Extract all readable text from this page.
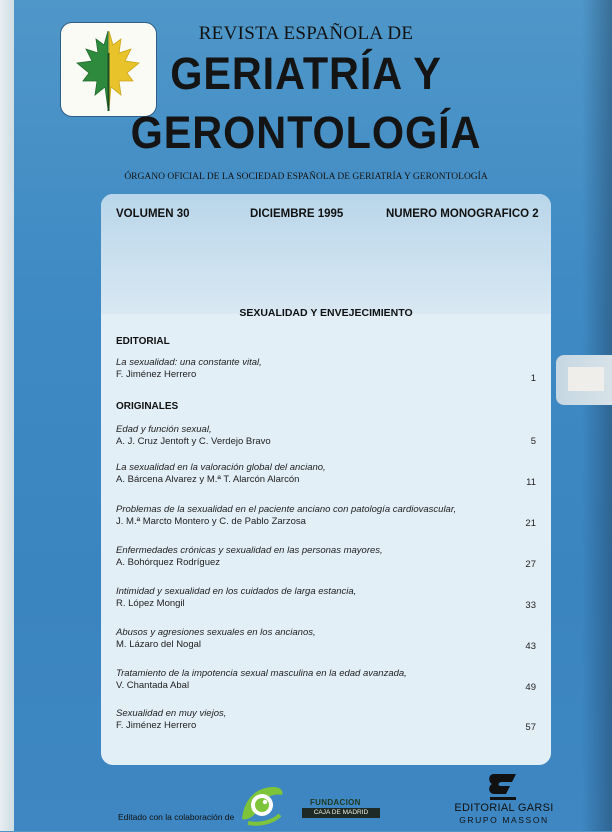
REVISTA ESPAÑOLA DE
GERIATRÍA Y
GERONTOLOGÍA
ÓRGANO OFICIAL DE LA SOCIEDAD ESPAÑOLA DE GERIATRÍA Y GERONTOLOGÍA
VOLUMEN 30	DICIEMBRE 1995	NUMERO MONOGRAFICO 2
SEXUALIDAD Y ENVEJECIMIENTO
EDITORIAL
La sexualidad: una constante vital,
F. Jiménez Herrero	1
ORIGINALES
Edad y función sexual,
A. J. Cruz Jentoft y C. Verdejo Bravo	5
La sexualidad en la valoración global del anciano,
A. Bárcena Alvarez y M.ª T. Alarcón Alarcón	11
Problemas de la sexualidad en el paciente anciano con patología cardiovascular,
J. M.ª Marcto Montero y C. de Pablo Zarzosa	21
Enfermedades crónicas y sexualidad en las personas mayores,
A. Bohórquez Rodríguez	27
Intimidad y sexualidad en los cuidados de larga estancia,
R. López Mongil	33
Abusos y agresiones sexuales en los ancianos,
M. Lázaro del Nogal	43
Tratamiento de la impotencia sexual masculina en la edad avanzada,
V. Chantada Abal	49
Sexualidad en muy viejos,
F. Jiménez Herrero	57
Editado con la colaboración de
FUNDACION
CAJA DE MADRID	EDITORIAL GARSI
GRUPO MASSON
